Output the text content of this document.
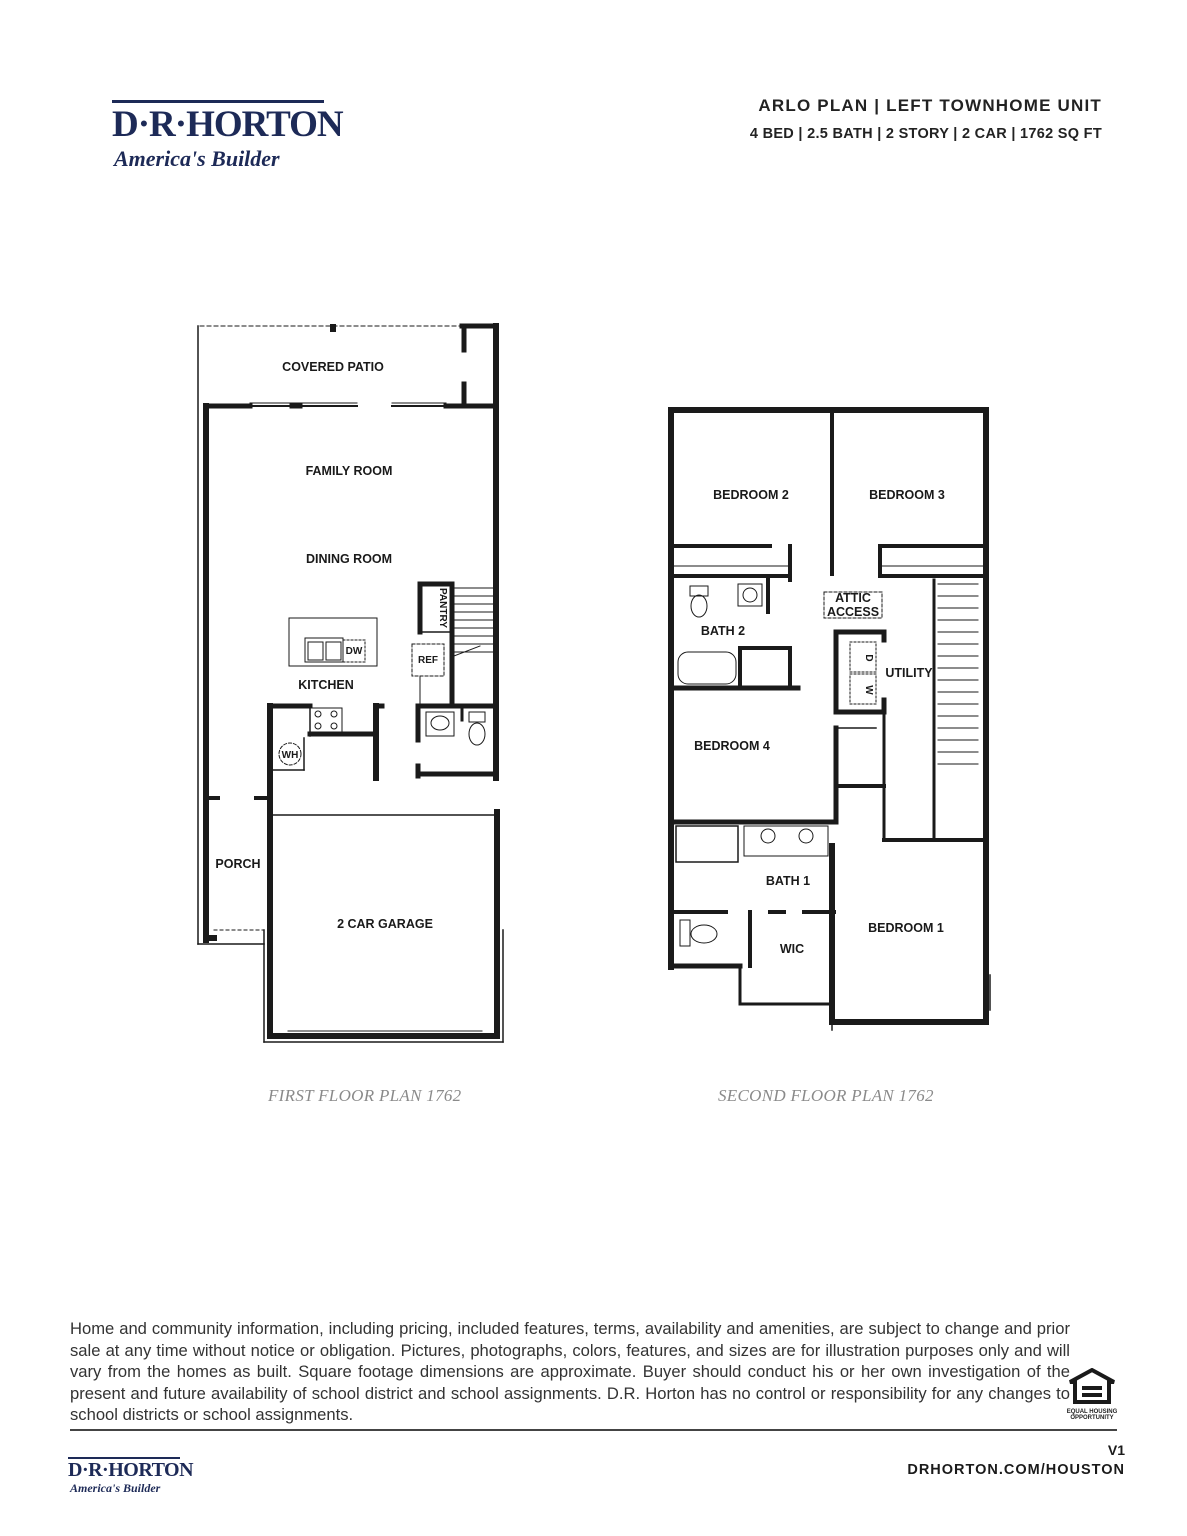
D·R·HORTON
America's Builder
ARLO PLAN | LEFT TOWNHOME UNIT
4 BED | 2.5 BATH | 2 STORY | 2 CAR | 1762 SQ FT
COVERED PATIO
FAMILY ROOM
DINING ROOM
KITCHEN
PORCH
2 CAR GARAGE
DW
REF
WH
PANTRY
BEDROOM 2	BEDROOM 3
ATTIC
ACCESS
BATH 2
UTILITY
BEDROOM 4
BATH 1
WIC
BEDROOM 1
D
W
FIRST FLOOR PLAN 1762	SECOND FLOOR PLAN 1762
Home and community information, including pricing, included features, terms, availability and amenities, are subject to change and prior sale at any time without notice or obligation. Pictures, photographs, colors, features, and sizes are for illustration purposes only and will vary from the homes as built. Square footage dimensions are approximate. Buyer should conduct his or her own investigation of the present and future availability of school district and school assignments. D.R. Horton has no control or responsibility for any changes to school districts or school assignments.	EQUAL HOUSING
OPPORTUNITY
D·R·HORTON
America's Builder
V1
DRHORTON.COM/HOUSTON
